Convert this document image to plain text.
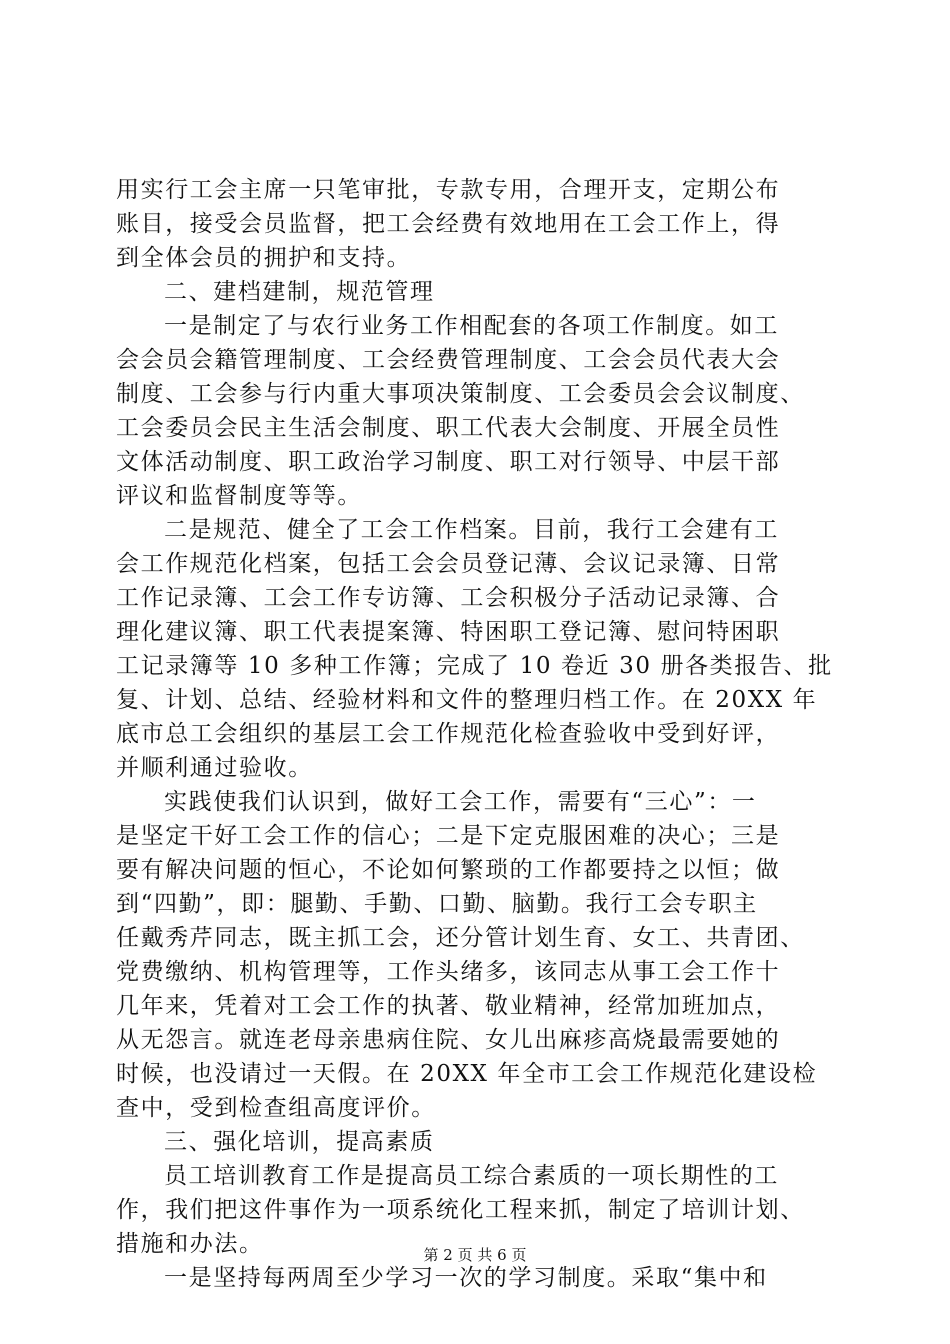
用实行工会主席一只笔审批，专款专用，合理开支，定期公布
账目，接受会员监督，把工会经费有效地用在工会工作上，得
到全体会员的拥护和支持。
二、建档建制，规范管理
一是制定了与农行业务工作相配套的各项工作制度。如工
会会员会籍管理制度、工会经费管理制度、工会会员代表大会
制度、工会参与行内重大事项决策制度、工会委员会会议制度、
工会委员会民主生活会制度、职工代表大会制度、开展全员性
文体活动制度、职工政治学习制度、职工对行领导、中层干部
评议和监督制度等等。
二是规范、健全了工会工作档案。目前，我行工会建有工
会工作规范化档案，包括工会会员登记薄、会议记录簿、日常
工作记录簿、工会工作专访簿、工会积极分子活动记录簿、合
理化建议簿、职工代表提案簿、特困职工登记簿、慰问特困职
工记录簿等 10 多种工作簿；完成了 10 卷近 30 册各类报告、批
复、计划、总结、经验材料和文件的整理归档工作。在 20XX 年
底市总工会组织的基层工会工作规范化检查验收中受到好评，
并顺利通过验收。
实践使我们认识到，做好工会工作，需要有“三心”：一
是坚定干好工会工作的信心；二是下定克服困难的决心；三是
要有解决问题的恒心，不论如何繁琐的工作都要持之以恒；做
到“四勤”，即：腿勤、手勤、口勤、脑勤。我行工会专职主
任戴秀芹同志，既主抓工会，还分管计划生育、女工、共青团、
党费缴纳、机构管理等，工作头绪多，该同志从事工会工作十
几年来，凭着对工会工作的执著、敬业精神，经常加班加点，
从无怨言。就连老母亲患病住院、女儿出麻疹高烧最需要她的
时候，也没请过一天假。在 20XX 年全市工会工作规范化建设检
查中，受到检查组高度评价。
三、强化培训，提高素质
员工培训教育工作是提高员工综合素质的一项长期性的工
作，我们把这件事作为一项系统化工程来抓，制定了培训计划、
措施和办法。
一是坚持每两周至少学习一次的学习制度。采取“集中和
第 2 页 共 6 页
